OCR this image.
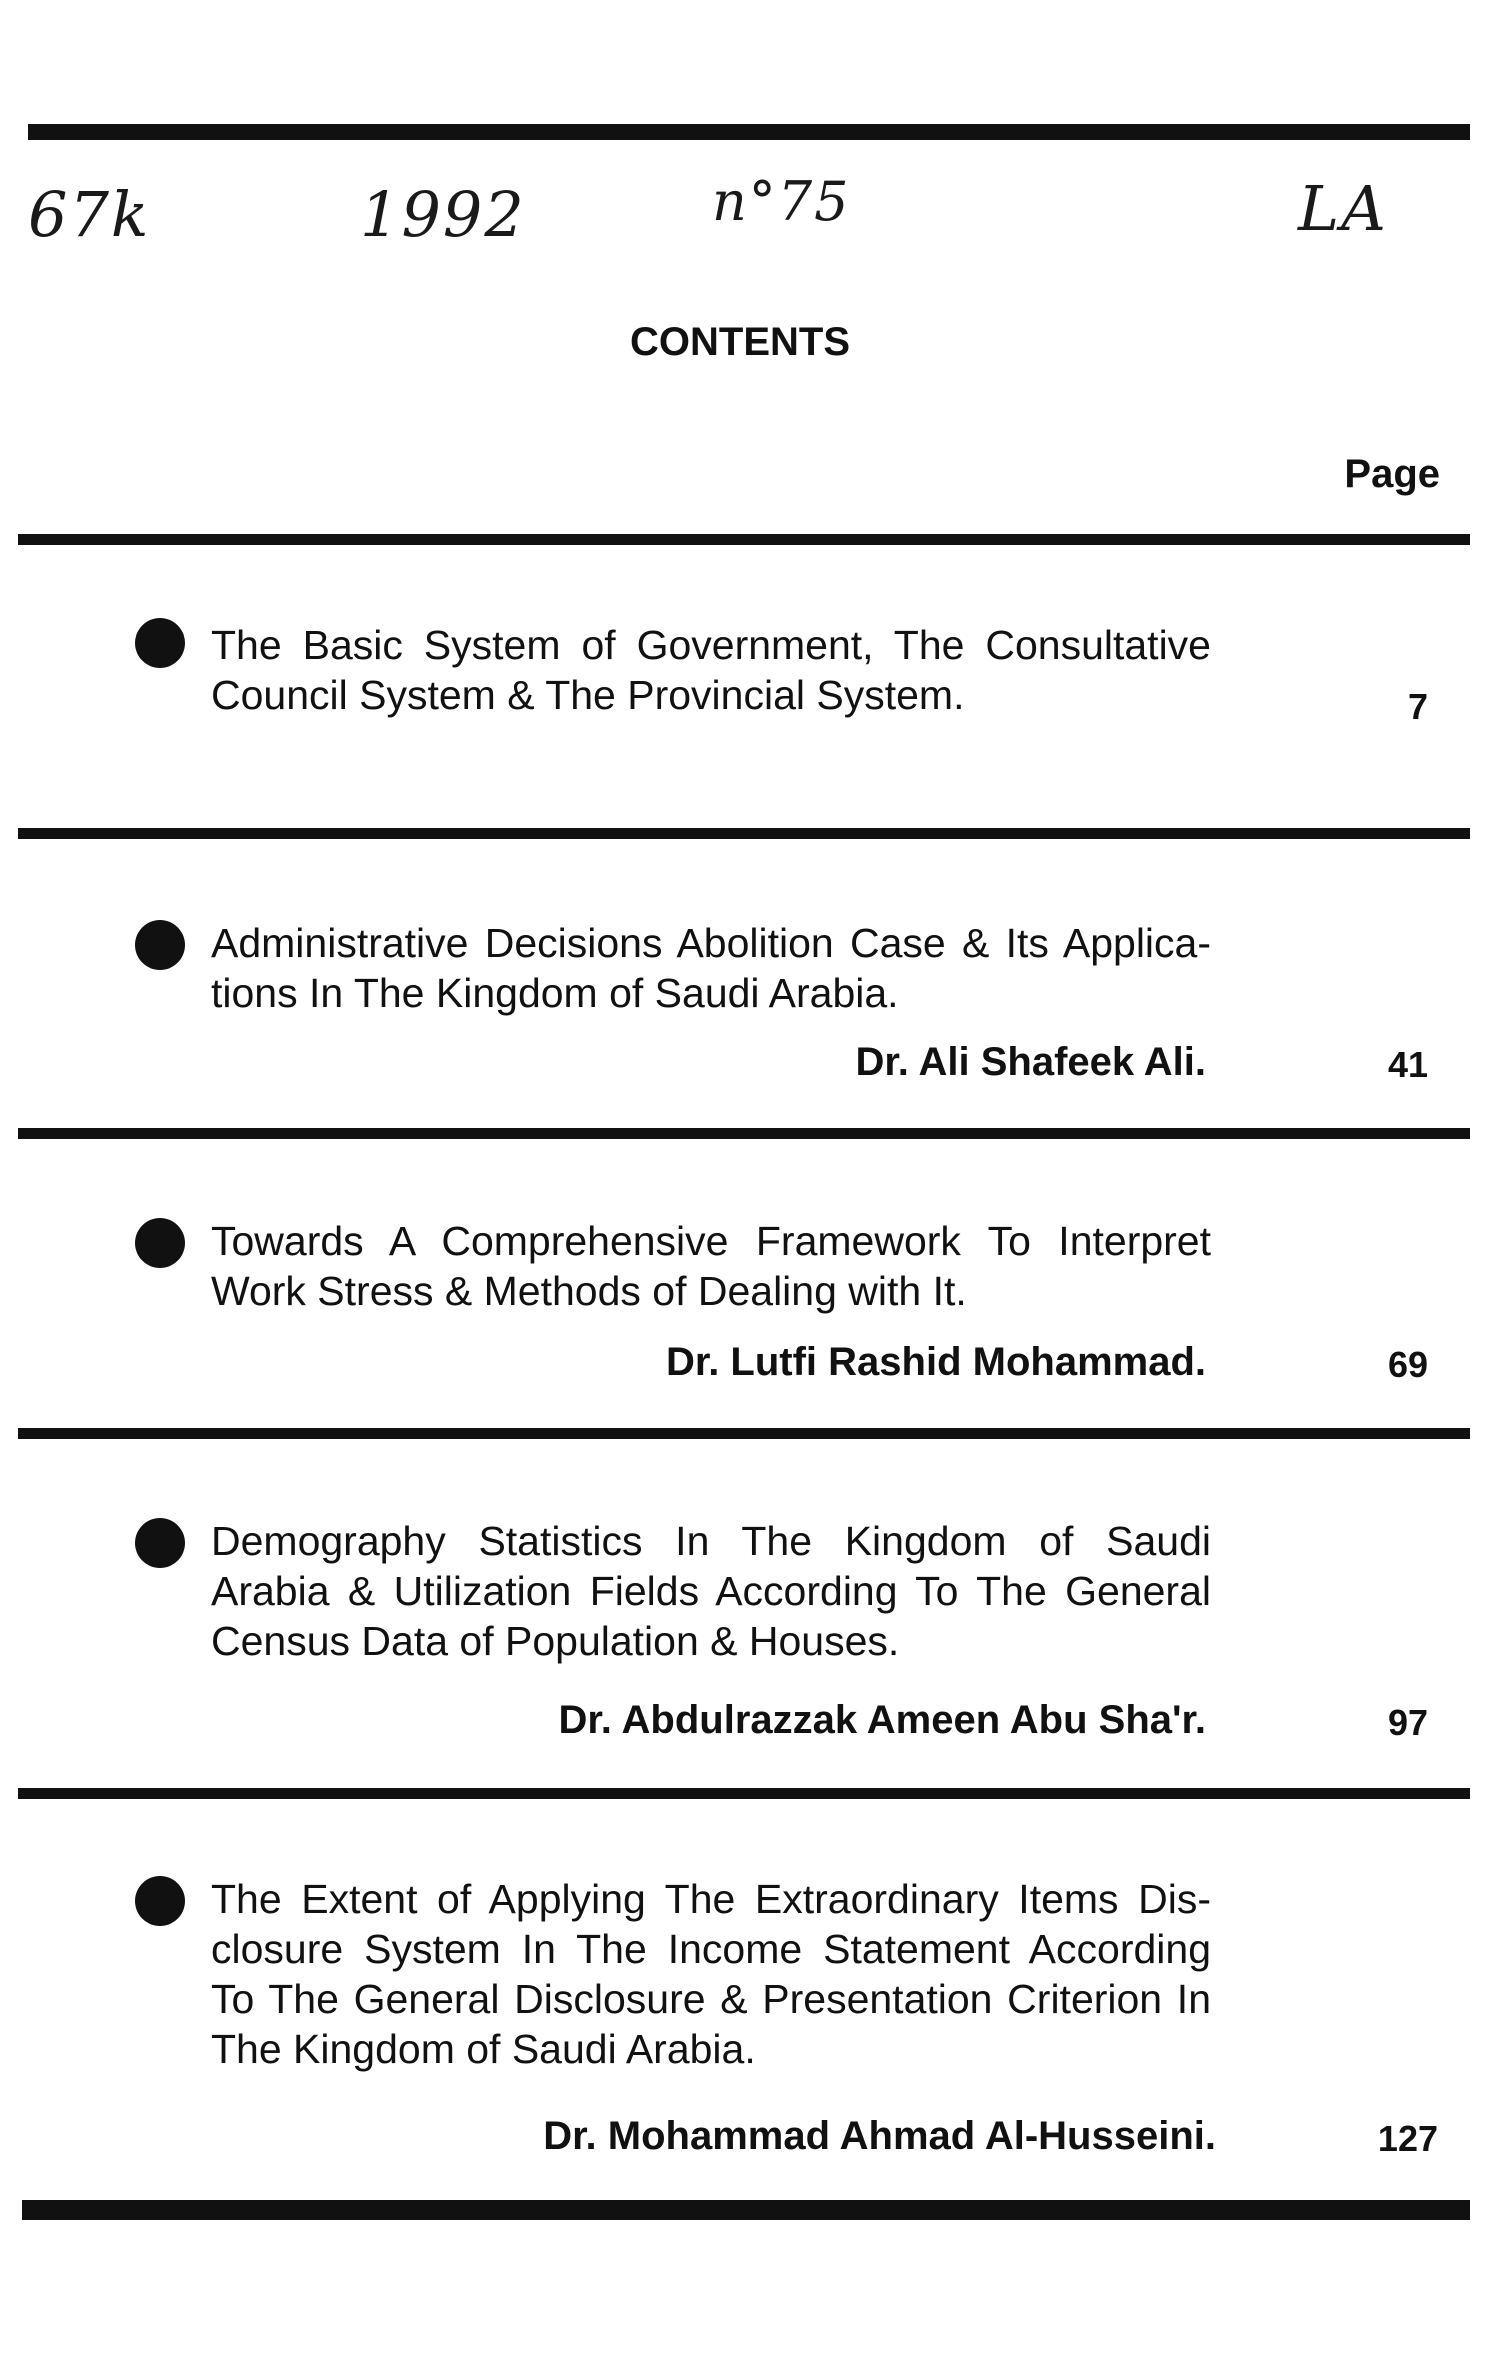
67k	1992	n°75	LA
CONTENTS
Page
The Basic System of Government, The Consultative
Council System & The Provincial System.	7
Administrative Decisions Abolition Case & Its Applica-
tions In The Kingdom of Saudi Arabia.
Dr. Ali Shafeek Ali.	41
Towards A Comprehensive Framework To Interpret
Work Stress & Methods of Dealing with It.
Dr. Lutfi Rashid Mohammad.	69
Demography Statistics In The Kingdom of Saudi
Arabia & Utilization Fields According To The General
Census Data of Population & Houses.
Dr. Abdulrazzak Ameen Abu Sha'r.	97
The Extent of Applying The Extraordinary Items Dis-
closure System In The Income Statement According
To The General Disclosure & Presentation Criterion In
The Kingdom of Saudi Arabia.
Dr. Mohammad Ahmad Al-Husseini.	127
